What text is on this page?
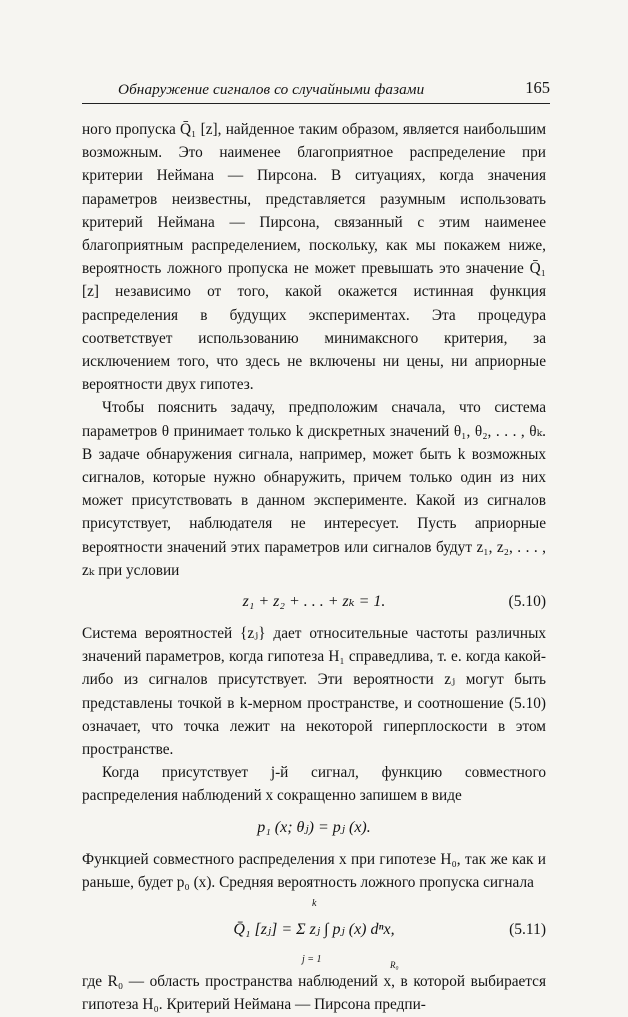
Обнаружение сигналов со случайными фазами	165

ного пропуска Q̄₁ [z], найденное таким образом, является наибольшим возможным. Это наименее благоприятное распределение при критерии Неймана — Пирсона. В ситуациях, когда значения параметров неизвестны, представляется разумным использовать критерий Неймана — Пирсона, связанный с этим наименее благоприятным распределением, поскольку, как мы покажем ниже, вероятность ложного пропуска не может превышать это значение Q̄₁ [z] независимо от того, какой окажется истинная функция распределения в будущих экспериментах. Эта процедура соответствует использованию минимаксного критерия, за исключением того, что здесь не включены ни цены, ни априорные вероятности двух гипотез.

Чтобы пояснить задачу, предположим сначала, что система параметров θ принимает только k дискретных значений θ₁, θ₂, . . . , θₖ. В задаче обнаружения сигнала, например, может быть k возможных сигналов, которые нужно обнаружить, причем только один из них может присутствовать в данном эксперименте. Какой из сигналов присутствует, наблюдателя не интересует. Пусть априорные вероятности значений этих параметров или сигналов будут z₁, z₂, . . . , zₖ при условии

z₁ + z₂ + . . . + zₖ = 1.	(5.10)

Система вероятностей {zⱼ} дает относительные частоты различных значений параметров, когда гипотеза H₁ справедлива, т. е. когда какой-либо из сигналов присутствует. Эти вероятности zⱼ могут быть представлены точкой в k-мерном пространстве, и соотношение (5.10) означает, что точка лежит на некоторой гиперплоскости в этом пространстве.

Когда присутствует j-й сигнал, функцию совместного распределения наблюдений x сокращенно запишем в виде

p₁ (x; θⱼ) = pⱼ (x).

Функцией совместного распределения x при гипотезе H₀, так же как и раньше, будет p₀ (x). Средняя вероятность ложного пропуска сигнала

Q̄₁ [zⱼ] = Σ zⱼ ∫ pⱼ (x) dⁿx,	(5.11)
k
j = 1	R₀

где R₀ — область пространства наблюдений x, в которой выбирается гипотеза H₀. Критерий Неймана — Пирсона предпи-
